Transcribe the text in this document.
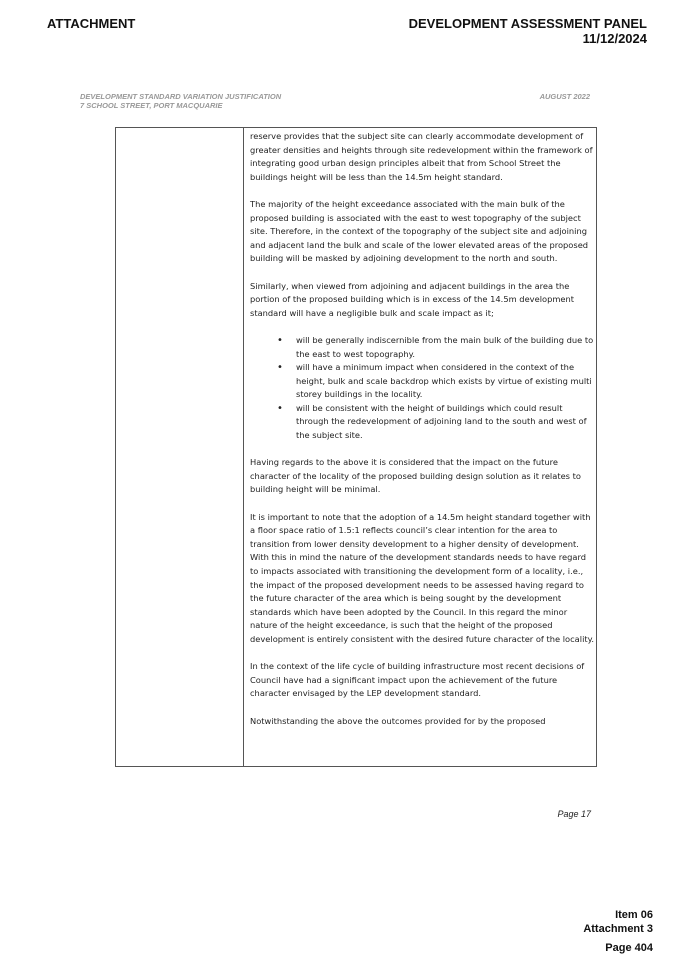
ATTACHMENT	DEVELOPMENT ASSESSMENT PANEL
11/12/2024
DEVELOPMENT STANDARD VARIATION JUSTIFICATION
7 SCHOOL STREET, PORT MACQUARIE
AUGUST 2022

reserve provides that the subject site can clearly accommodate development of greater densities and heights through site redevelopment within the framework of integrating good urban design principles albeit that from School Street the buildings height will be less than the 14.5m height standard.

The majority of the height exceedance associated with the main bulk of the proposed building is associated with the east to west topography of the subject site. Therefore, in the context of the topography of the subject site and adjoining and adjacent land the bulk and scale of the lower elevated areas of the proposed building will be masked by adjoining development to the north and south.

Similarly, when viewed from adjoining and adjacent buildings in the area the portion of the proposed building which is in excess of the 14.5m development standard will have a negligible bulk and scale impact as it;

• will be generally indiscernible from the main bulk of the building due to the east to west topography.
• will have a minimum impact when considered in the context of the height, bulk and scale backdrop which exists by virtue of existing multi storey buildings in the locality.
• will be consistent with the height of buildings which could result through the redevelopment of adjoining land to the south and west of the subject site.

Having regards to the above it is considered that the impact on the future character of the locality of the proposed building design solution as it relates to building height will be minimal.

It is important to note that the adoption of a 14.5m height standard together with a floor space ratio of 1.5:1 reflects council’s clear intention for the area to transition from lower density development to a higher density of development. With this in mind the nature of the development standards needs to have regard to impacts associated with transitioning the development form of a locality, i.e., the impact of the proposed development needs to be assessed having regard to the future character of the area which is being sought by the development standards which have been adopted by the Council. In this regard the minor nature of the height exceedance, is such that the height of the proposed development is entirely consistent with the desired future character of the locality.

In the context of the life cycle of building infrastructure most recent decisions of Council have had a significant impact upon the achievement of the future character envisaged by the LEP development standard.

Notwithstanding the above the outcomes provided for by the proposed

Page 17
Item 06
Attachment 3
Page 404
